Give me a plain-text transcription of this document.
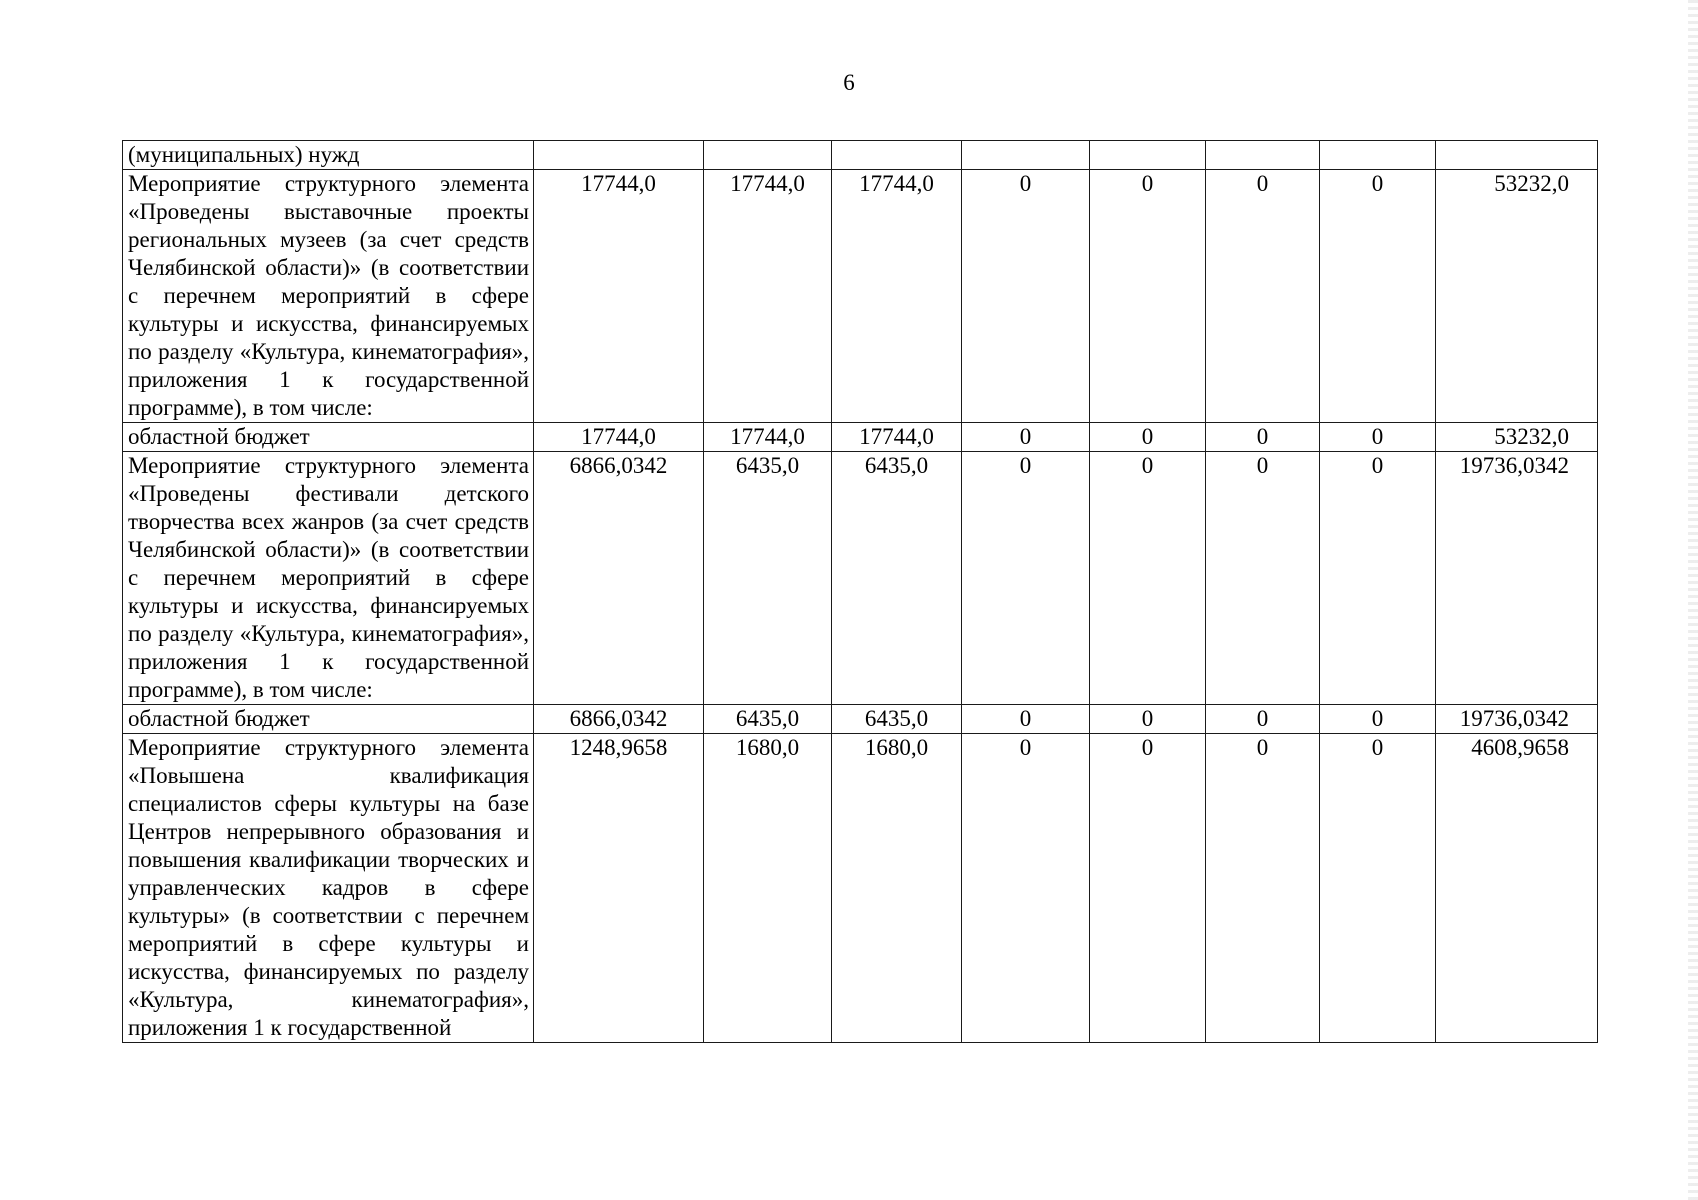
6
(муниципальных) нужд								
Мероприятие структурного элемента «Проведены выставочные проекты региональных музеев (за счет средств Челябинской области)» (в соответствии с перечнем мероприятий в сфере культуры и искусства, финансируемых по разделу «Культура, кинематография», приложения 1 к государственной программе), в том числе:	17744,0	17744,0	17744,0	0	0	0	0	53232,0
областной бюджет	17744,0	17744,0	17744,0	0	0	0	0	53232,0
Мероприятие структурного элемента «Проведены фестивали детского творчества всех жанров (за счет средств Челябинской области)» (в соответствии с перечнем мероприятий в сфере культуры и искусства, финансируемых по разделу «Культура, кинематография», приложения 1 к государственной программе), в том числе:	6866,0342	6435,0	6435,0	0	0	0	0	19736,0342
областной бюджет	6866,0342	6435,0	6435,0	0	0	0	0	19736,0342
Мероприятие структурного элемента «Повышена квалификация специалистов сферы культуры на базе Центров непрерывного образования и повышения квалификации творческих и управленческих кадров в сфере культуры» (в соответствии с перечнем мероприятий в сфере культуры и искусства, финансируемых по разделу «Культура, кинематография», приложения 1 к государственной	1248,9658	1680,0	1680,0	0	0	0	0	4608,9658
